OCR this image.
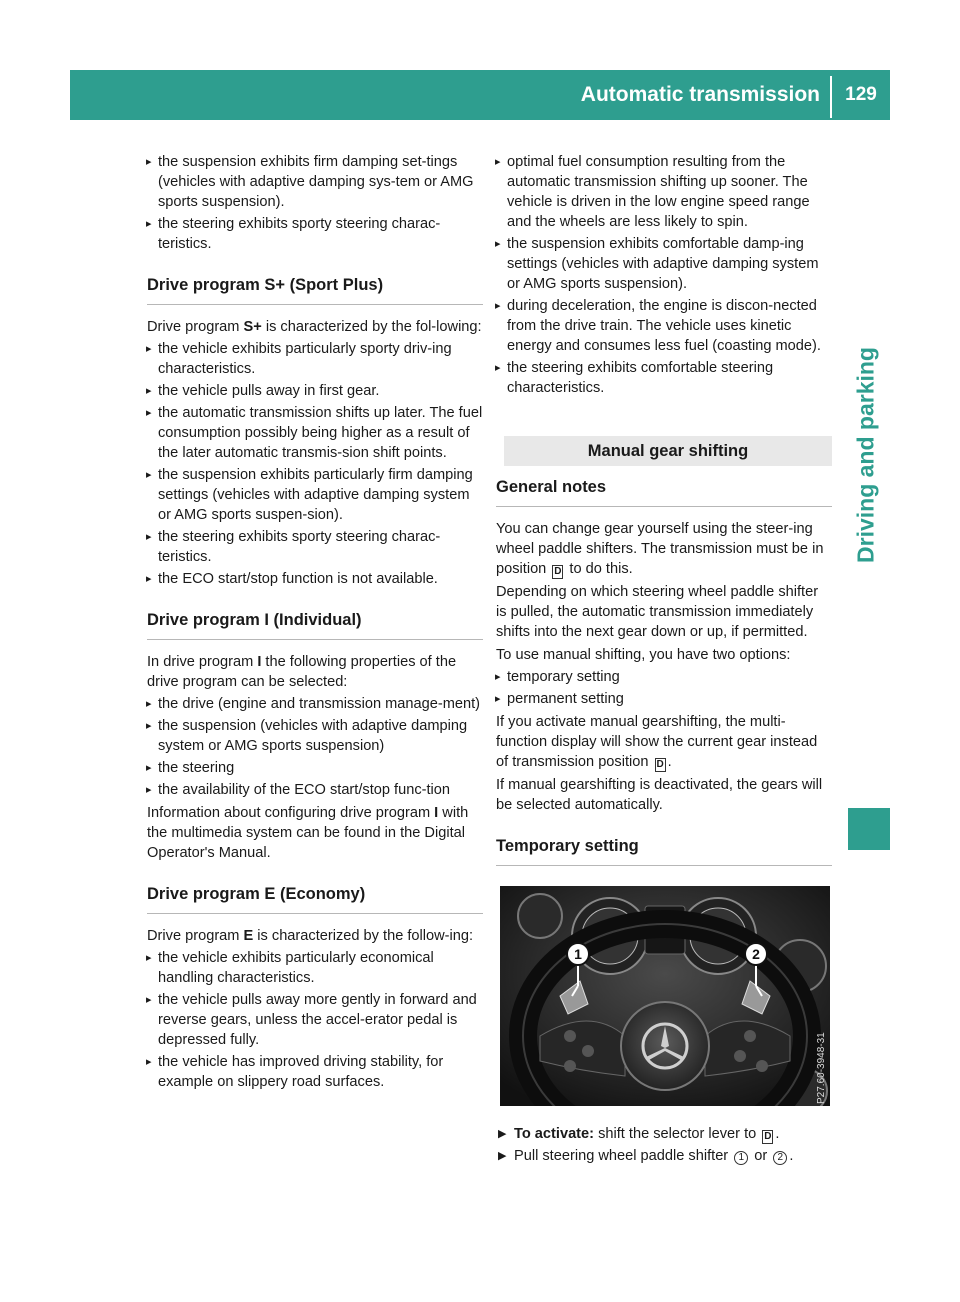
Automatic transmission	129
Driving and parking
▸ the suspension exhibits firm damping set-tings (vehicles with adaptive damping sys-tem or AMG sports suspension).
▸ the steering exhibits sporty steering charac-teristics.
Drive program S+ (Sport Plus)
Drive program S+ is characterized by the fol-lowing:
▸ the vehicle exhibits particularly sporty driv-ing characteristics.
▸ the vehicle pulls away in first gear.
▸ the automatic transmission shifts up later. The fuel consumption possibly being higher as a result of the later automatic transmis-sion shift points.
▸ the suspension exhibits particularly firm damping settings (vehicles with adaptive damping system or AMG sports suspen-sion).
▸ the steering exhibits sporty steering charac-teristics.
▸ the ECO start/stop function is not available.
Drive program I (Individual)
In drive program I the following properties of the drive program can be selected:
▸ the drive (engine and transmission manage-ment)
▸ the suspension (vehicles with adaptive damping system or AMG sports suspension)
▸ the steering
▸ the availability of the ECO start/stop func-tion
Information about configuring drive program I with the multimedia system can be found in the Digital Operator's Manual.
Drive program E (Economy)
Drive program E is characterized by the follow-ing:
▸ the vehicle exhibits particularly economical handling characteristics.
▸ the vehicle pulls away more gently in forward and reverse gears, unless the accel-erator pedal is depressed fully.
▸ the vehicle has improved driving stability, for example on slippery road surfaces.
▸ optimal fuel consumption resulting from the automatic transmission shifting up sooner. The vehicle is driven in the low engine speed range and the wheels are less likely to spin.
▸ the suspension exhibits comfortable damp-ing settings (vehicles with adaptive damping system or AMG sports suspension).
▸ during deceleration, the engine is discon-nected from the drive train. The vehicle uses kinetic energy and consumes less fuel (coasting mode).
▸ the steering exhibits comfortable steering characteristics.
Manual gear shifting
General notes
You can change gear yourself using the steer-ing wheel paddle shifters. The transmission must be in position D to do this.
Depending on which steering wheel paddle shifter is pulled, the automatic transmission immediately shifts into the next gear down or up, if permitted.
To use manual shifting, you have two options:
▸ temporary setting
▸ permanent setting
If you activate manual gearshifting, the multi-function display will show the current gear instead of transmission position D .
If manual gearshifting is deactivated, the gears will be selected automatically.
Temporary setting
1	2
P27.60-3948-31
▶ To activate: shift the selector lever to D .
▶ Pull steering wheel paddle shifter 1 or 2 .
